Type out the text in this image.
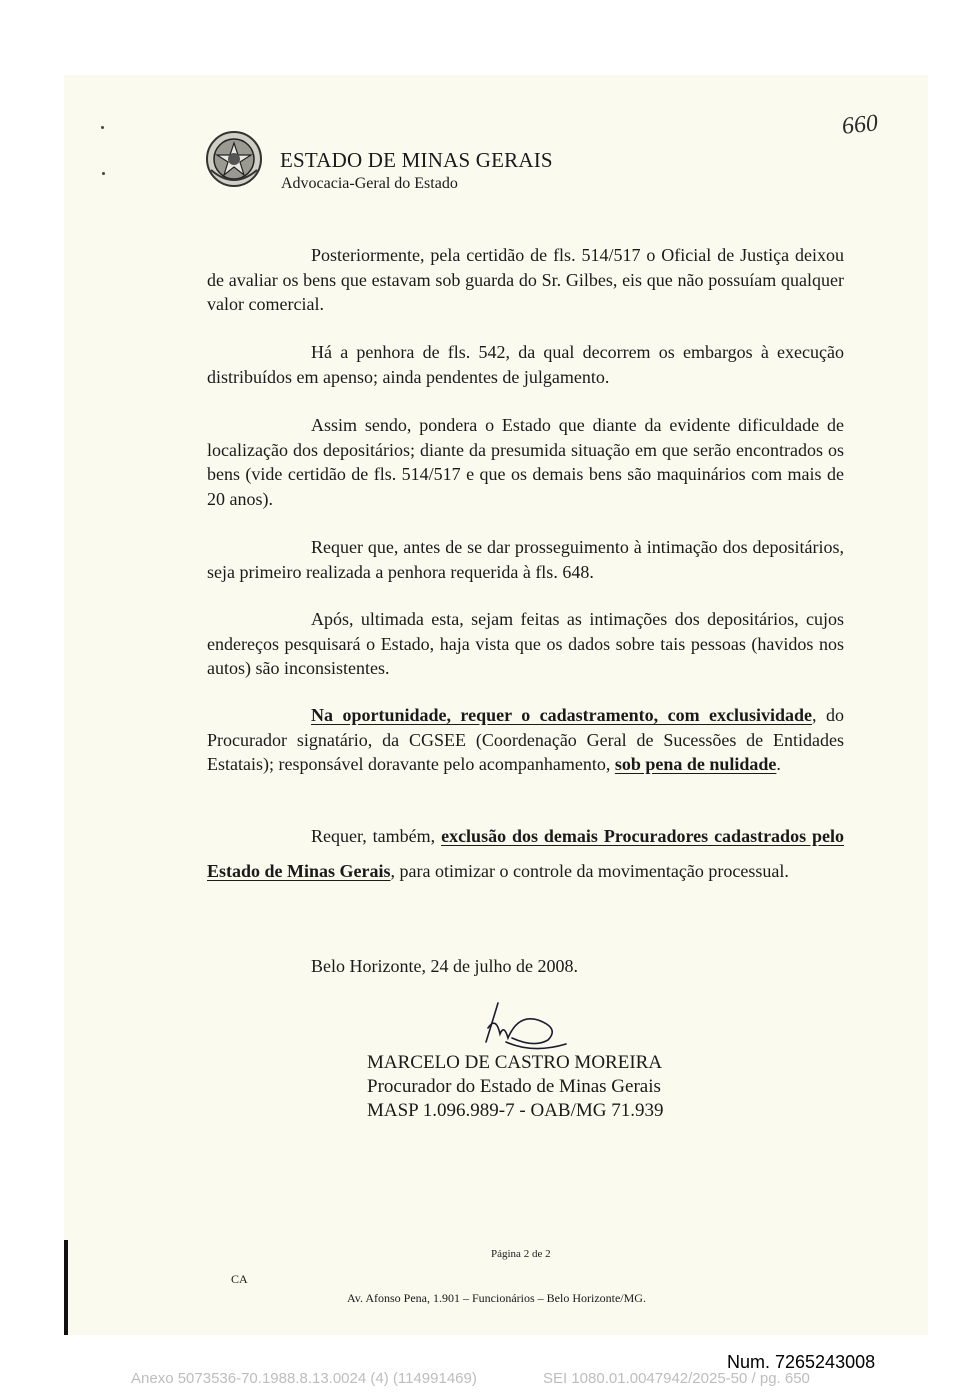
ESTADO DE MINAS GERAIS
Advocacia-Geral do Estado
660

Posteriormente, pela certidão de fls. 514/517 o Oficial de Justiça deixou de avaliar os bens que estavam sob guarda do Sr. Gilbes, eis que não possuíam qualquer valor comercial.

Há a penhora de fls. 542, da qual decorrem os embargos à execução distribuídos em apenso; ainda pendentes de julgamento.

Assim sendo, pondera o Estado que diante da evidente dificuldade de localização dos depositários; diante da presumida situação em que serão encontrados os bens (vide certidão de fls. 514/517 e que os demais bens são maquinários com mais de 20 anos).

Requer que, antes de se dar prosseguimento à intimação dos depositários, seja primeiro realizada a penhora requerida à fls. 648.

Após, ultimada esta, sejam feitas as intimações dos depositários, cujos endereços pesquisará o Estado, haja vista que os dados sobre tais pessoas (havidos nos autos) são inconsistentes.

Na oportunidade, requer o cadastramento, com exclusividade, do Procurador signatário, da CGSEE (Coordenação Geral de Sucessões de Entidades Estatais); responsável doravante pelo acompanhamento, sob pena de nulidade.

Requer, também, exclusão dos demais Procuradores cadastrados pelo Estado de Minas Gerais, para otimizar o controle da movimentação processual.

Belo Horizonte, 24 de julho de 2008.
MARCELO DE CASTRO MOREIRA
Procurador do Estado de Minas Gerais
MASP 1.096.989-7 - OAB/MG 71.939
Página 2 de 2
CA
Av. Afonso Pena, 1.901 – Funcionários – Belo Horizonte/MG.
Num. 7265243008
Anexo 5073536-70.1988.8.13.0024 (4) (114991469)	SEI 1080.01.0047942/2025-50 / pg. 650
